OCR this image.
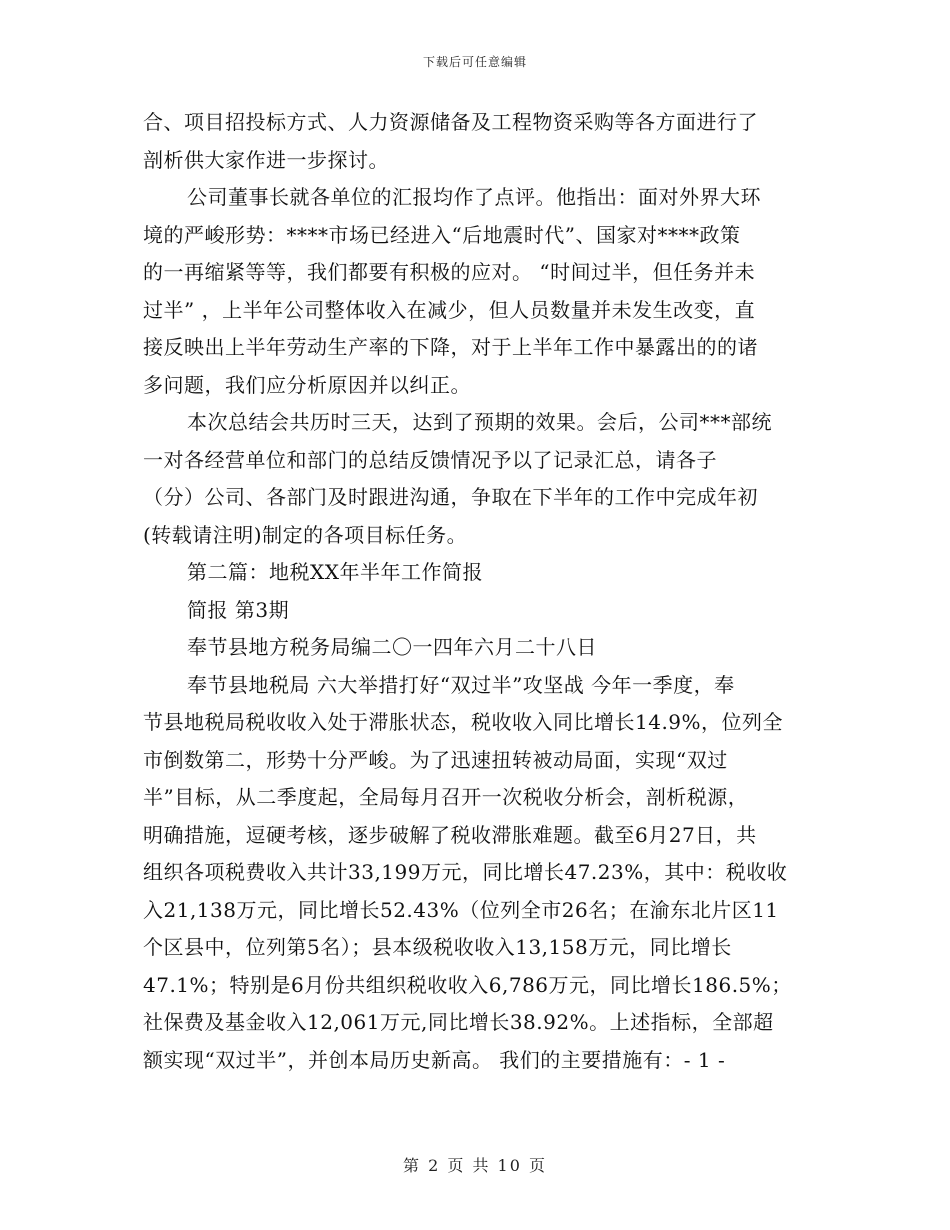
下载后可任意编辑
合、项目招投标方式、人力资源储备及工程物资采购等各方面进行了
剖析供大家作进一步探讨。
公司董事长就各单位的汇报均作了点评。他指出：面对外界大环
境的严峻形势：****市场已经进入“后地震时代”、国家对****政策
的一再缩紧等等，我们都要有积极的应对。 “时间过半，但任务并未
过半” ，上半年公司整体收入在减少，但人员数量并未发生改变，直
接反映出上半年劳动生产率的下降，对于上半年工作中暴露出的的诸
多问题，我们应分析原因并以纠正。
本次总结会共历时三天，达到了预期的效果。会后，公司***部统
一对各经营单位和部门的总结反馈情况予以了记录汇总，请各子
（分）公司、各部门及时跟进沟通，争取在下半年的工作中完成年初
(转载请注明)制定的各项目标任务。
第二篇：地税XX年半年工作简报
简报 第3期
奉节县地方税务局编二〇一四年六月二十八日
奉节县地税局 六大举措打好“双过半”攻坚战 今年一季度，奉
节县地税局税收收入处于滞胀状态，税收收入同比增长14.9%，位列全
市倒数第二，形势十分严峻。为了迅速扭转被动局面，实现“双过
半”目标，从二季度起，全局每月召开一次税收分析会，剖析税源，
明确措施，逗硬考核，逐步破解了税收滞胀难题。截至6月27日，共
组织各项税费收入共计33,199万元，同比增长47.23%，其中：税收收
入21,138万元，同比增长52.43%（位列全市26名；在渝东北片区11
个区县中，位列第5名）；县本级税收收入13,158万元，同比增长
47.1%；特别是6月份共组织税收收入6,786万元，同比增长186.5%；
社保费及基金收入12,061万元,同比增长38.92%。上述指标，全部超
额实现“双过半”，并创本局历史新高。 我们的主要措施有：- 1 -
第 2 页 共 10 页
